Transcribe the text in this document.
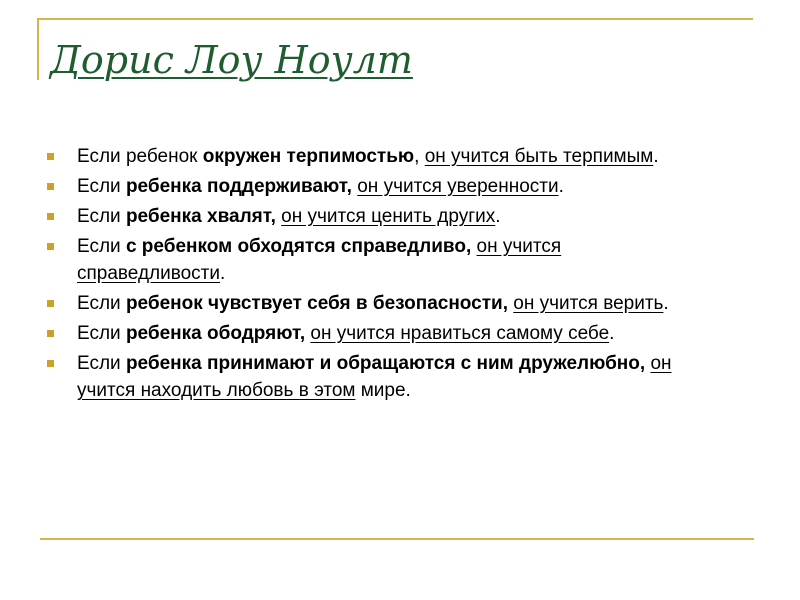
Дорис Лоу Ноулт
Если ребенок окружен терпимостью, он учится быть терпимым.
Если ребенка поддерживают, он учится уверенности.
Если ребенка хвалят, он учится ценить других.
Если с ребенком обходятся справедливо, он учится справедливости.
Если ребенок чувствует себя в безопасности, он учится верить.
Если ребенка ободряют, он учится нравиться самому себе.
Если ребенка принимают и обращаются с ним дружелюбно, он учится находить любовь в этом мире.
